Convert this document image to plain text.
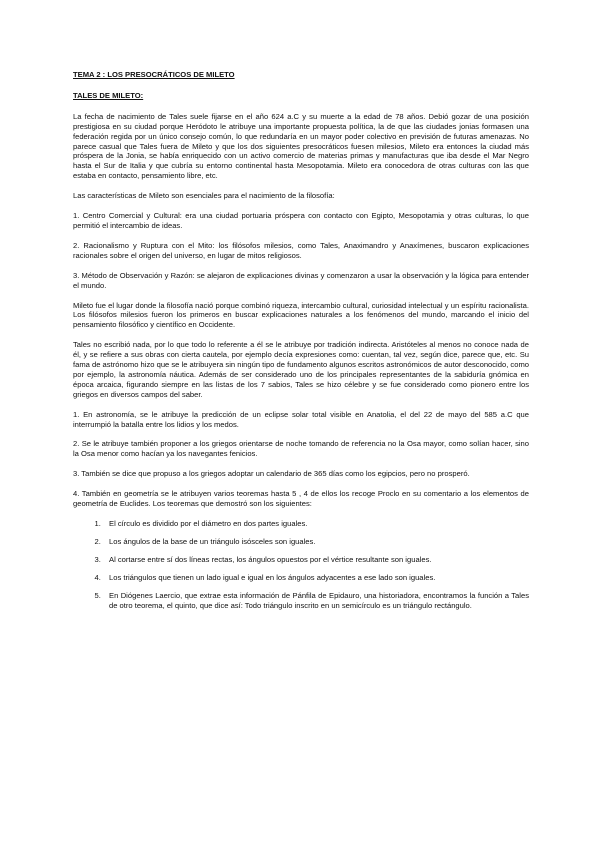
TEMA 2 : LOS PRESOCRÁTICOS DE MILETO
TALES DE MILETO:

La fecha de nacimiento de Tales suele fijarse en el año 624 a.C y su muerte a la edad de 78 años. Debió gozar de una posición prestigiosa en su ciudad porque Heródoto le atribuye una importante propuesta política, la de que las ciudades jonias formasen una federación regida por un único consejo común, lo que redundaría en un mayor poder colectivo en previsión de futuras amenazas. No parece casual que Tales fuera de Mileto y que los dos siguientes presocráticos fuesen milesios, Mileto era entonces la ciudad más próspera de la Jonia, se había enriquecido con un activo comercio de materias primas y manufacturas que iba desde el Mar Negro hasta el Sur de Italia y que cubría su entorno continental hasta Mesopotamia. Mileto era conocedora de otras culturas con las que estaba en contacto, pensamiento libre, etc.

Las características de Mileto son esenciales para el nacimiento de la filosofía:

1. Centro Comercial y Cultural: era una ciudad portuaria próspera con contacto con Egipto, Mesopotamia y otras culturas, lo que permitió el intercambio de ideas.

2. Racionalismo y Ruptura con el Mito: los filósofos milesios, como Tales, Anaximandro y Anaxímenes, buscaron explicaciones racionales sobre el origen del universo, en lugar de mitos religiosos.

3. Método de Observación y Razón: se alejaron de explicaciones divinas y comenzaron a usar la observación y la lógica para entender el mundo.

Mileto fue el lugar donde la filosofía nació porque combinó riqueza, intercambio cultural, curiosidad intelectual y un espíritu racionalista. Los filósofos milesios fueron los primeros en buscar explicaciones naturales a los fenómenos del mundo, marcando el inicio del pensamiento filosófico y científico en Occidente.

Tales no escribió nada, por lo que todo lo referente a él se le atribuye por tradición indirecta. Aristóteles al menos no conoce nada de él, y se refiere a sus obras con cierta cautela, por ejemplo decía expresiones como: cuentan, tal vez, según dice, parece que, etc. Su fama de astrónomo hizo que se le atribuyera sin ningún tipo de fundamento algunos escritos astronómicos de autor desconocido, como por ejemplo, la astronomía náutica. Además de ser considerado uno de los principales representantes de la sabiduría gnómica en época arcaica, figurando siempre en las listas de los 7 sabios, Tales se hizo célebre y se fue considerado como pionero entre los griegos en diversos campos del saber.

1. En astronomía, se le atribuye la predicción de un eclipse solar total visible en Anatolia, el del 22 de mayo del 585 a.C que interrumpió la batalla entre los lidios y los medos.

2. Se le atribuye también proponer a los griegos orientarse de noche tomando de referencia no la Osa mayor, como solían hacer, sino la Osa menor como hacían ya los navegantes fenicios.

3. También se dice que propuso a los griegos adoptar un calendario de 365 días como los egipcios, pero no prosperó.

4. También en geometría se le atribuyen varios teoremas hasta 5 , 4 de ellos los recoge Proclo en su comentario a los elementos de geometría de Euclides. Los teoremas que demostró son los siguientes:

1. El círculo es dividido por el diámetro en dos partes iguales.
2. Los ángulos de la base de un triángulo isósceles son iguales.
3. Al cortarse entre sí dos líneas rectas, los ángulos opuestos por el vértice resultante son iguales.
4. Los triángulos que tienen un lado igual e igual en los ángulos adyacentes a ese lado son iguales.
5. En Diógenes Laercio, que extrae esta información de Pánfila de Epidauro, una historiadora, encontramos la función a Tales de otro teorema, el quinto, que dice así: Todo triángulo inscrito en un semicírculo es un triángulo rectángulo.
